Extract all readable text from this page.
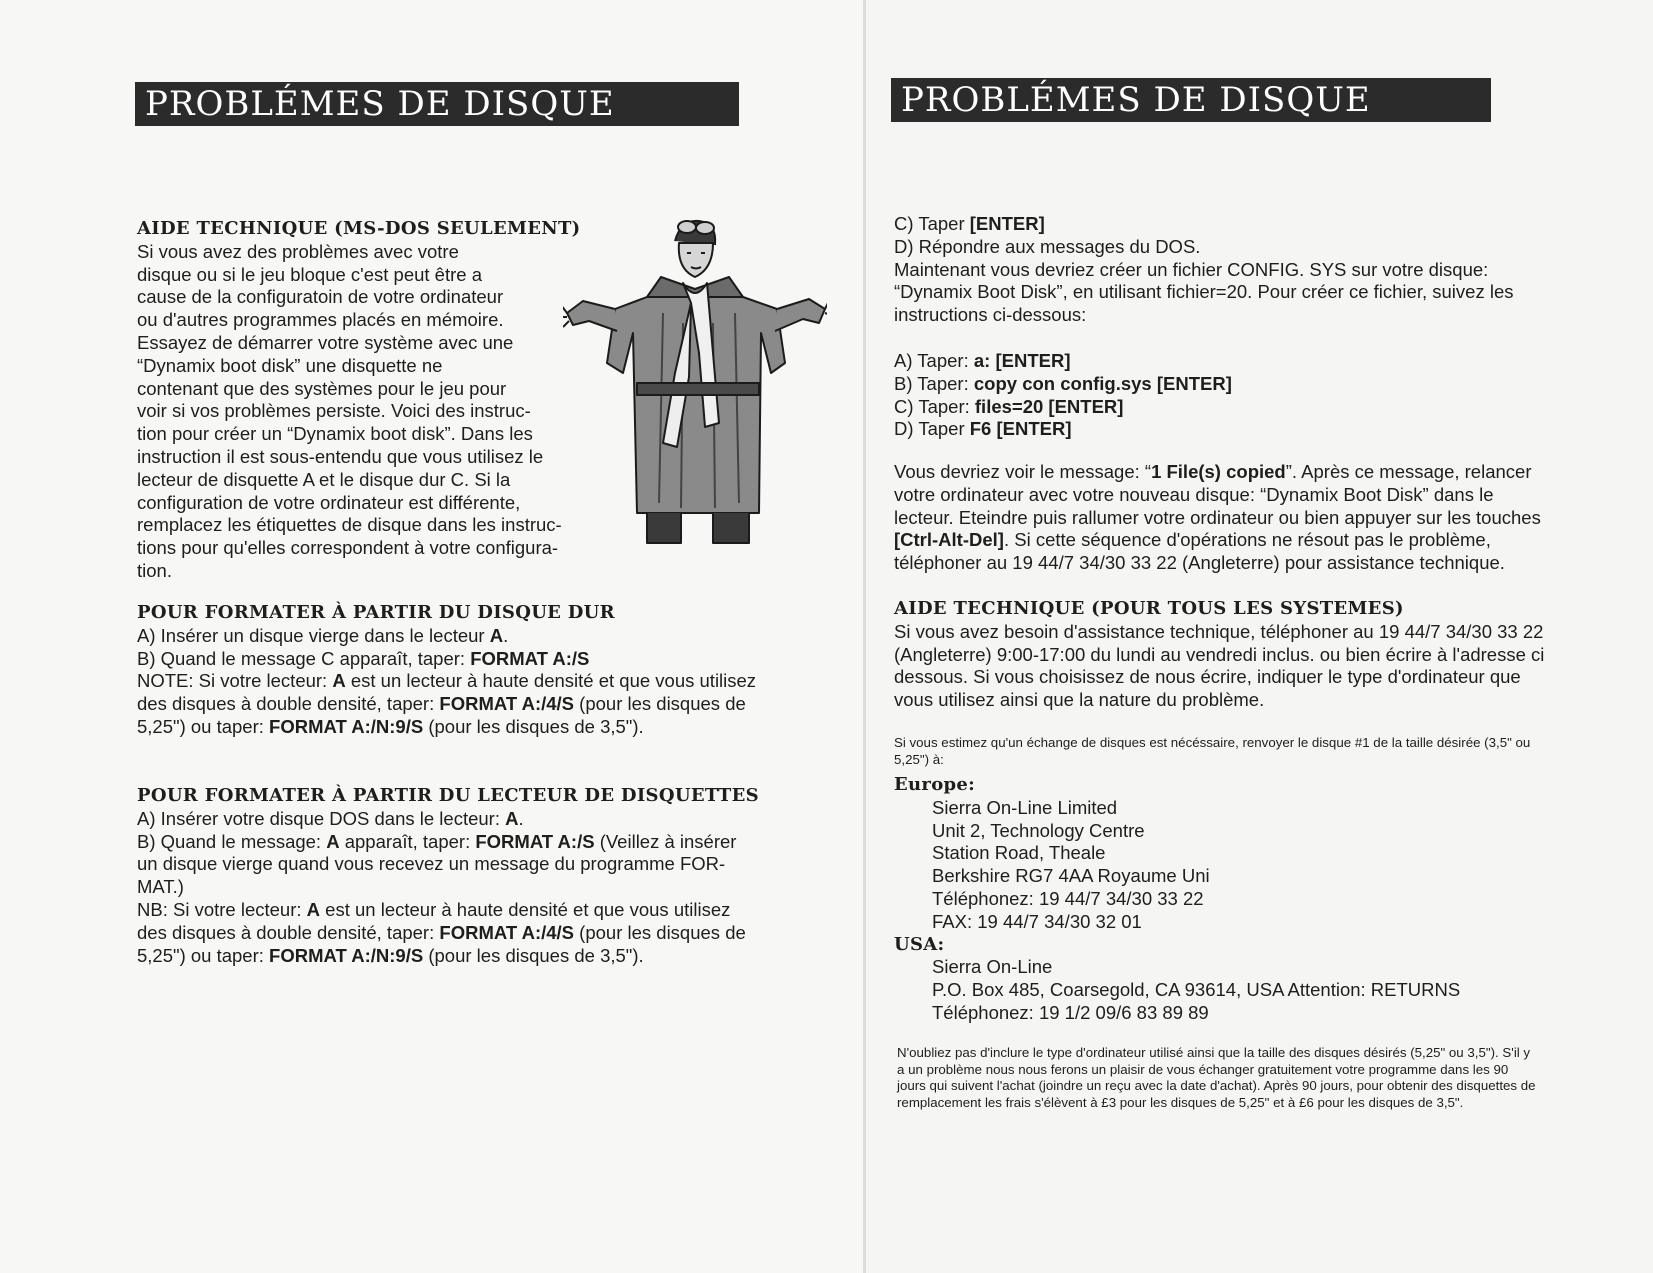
PROBLÉMES DE DISQUE

AIDE TECHNIQUE (MS-DOS SEULEMENT)

Si vous avez des problèmes avec votre

disque ou si le jeu bloque c'est peut être a

cause de la configuratoin de votre ordinateur

ou d'autres programmes placés en mémoire.

Essayez de démarrer votre système avec une

“Dynamix boot disk” une disquette ne

contenant que des systèmes pour le jeu pour

voir si vos problèmes persiste. Voici des instruc-

tion pour créer un “Dynamix boot disk”. Dans les

instruction il est sous-entendu que vous utilisez le

lecteur de disquette A et le disque dur C. Si la

configuration de votre ordinateur est différente,

remplacez les étiquettes de disque dans les instruc-

tions pour qu'elles correspondent à votre configura-

tion.

POUR FORMATER À PARTIR DU DISQUE DUR

A) Insérer un disque vierge dans le lecteur A.

B) Quand le message C apparaît, taper: FORMAT A:/S

NOTE: Si votre lecteur: A est un lecteur à haute densité et que vous utilisez

des disques à double densité, taper: FORMAT A:/4/S (pour les disques de

5,25") ou taper: FORMAT A:/N:9/S (pour les disques de 3,5").

POUR FORMATER À PARTIR DU LECTEUR DE DISQUETTES

A) Insérer votre disque DOS dans le lecteur: A.

B) Quand le message: A apparaît, taper: FORMAT A:/S (Veillez à insérer

un disque vierge quand vous recevez un message du programme FOR-

MAT.)

NB: Si votre lecteur: A est un lecteur à haute densité et que vous utilisez

des disques à double densité, taper: FORMAT A:/4/S (pour les disques de

5,25") ou taper: FORMAT A:/N:9/S (pour les disques de 3,5").

PROBLÉMES DE DISQUE

C) Taper [ENTER]

D) Répondre aux messages du DOS.

Maintenant vous devriez créer un fichier CONFIG. SYS sur votre disque:

“Dynamix Boot Disk”, en utilisant fichier=20. Pour créer ce fichier, suivez les

instructions ci-dessous:

A) Taper: a: [ENTER]

B) Taper: copy con config.sys [ENTER]

C) Taper: files=20 [ENTER]

D) Taper F6 [ENTER]

Vous devriez voir le message: “1 File(s) copied”. Après ce message, relancer

votre ordinateur avec votre nouveau disque: “Dynamix Boot Disk” dans le

lecteur. Eteindre puis rallumer votre ordinateur ou bien appuyer sur les touches

[Ctrl-Alt-Del]. Si cette séquence d'opérations ne résout pas le problème,

téléphoner au 19 44/7 34/30 33 22 (Angleterre) pour assistance technique.

AIDE TECHNIQUE (POUR TOUS LES SYSTEMES)

Si vous avez besoin d'assistance technique, téléphoner au 19 44/7 34/30 33 22

(Angleterre) 9:00-17:00 du lundi au vendredi inclus. ou bien écrire à l'adresse ci

dessous. Si vous choisissez de nous écrire, indiquer le type d'ordinateur que

vous utilisez ainsi que la nature du problème.

Si vous estimez qu'un échange de disques est nécéssaire, renvoyer le disque #1 de la taille désirée (3,5" ou

5,25") à:

Europe:

Sierra On-Line Limited

Unit 2, Technology Centre

Station Road, Theale

Berkshire RG7 4AA Royaume Uni

Téléphonez: 19 44/7 34/30 33 22

FAX: 19 44/7 34/30 32 01

USA:

Sierra On-Line

P.O. Box 485, Coarsegold, CA 93614, USA Attention: RETURNS

Téléphonez: 19 1/2 09/6 83 89 89

N'oubliez pas d'inclure le type d'ordinateur utilisé ainsi que la taille des disques désirés (5,25" ou 3,5"). S'il y

a un problème nous nous ferons un plaisir de vous échanger gratuitement votre programme dans les 90

jours qui suivent l'achat (joindre un reçu avec la date d'achat). Après 90 jours, pour obtenir des disquettes de

remplacement les frais s'élèvent à £3 pour les disques de 5,25" et à £6 pour les disques de 3,5".
